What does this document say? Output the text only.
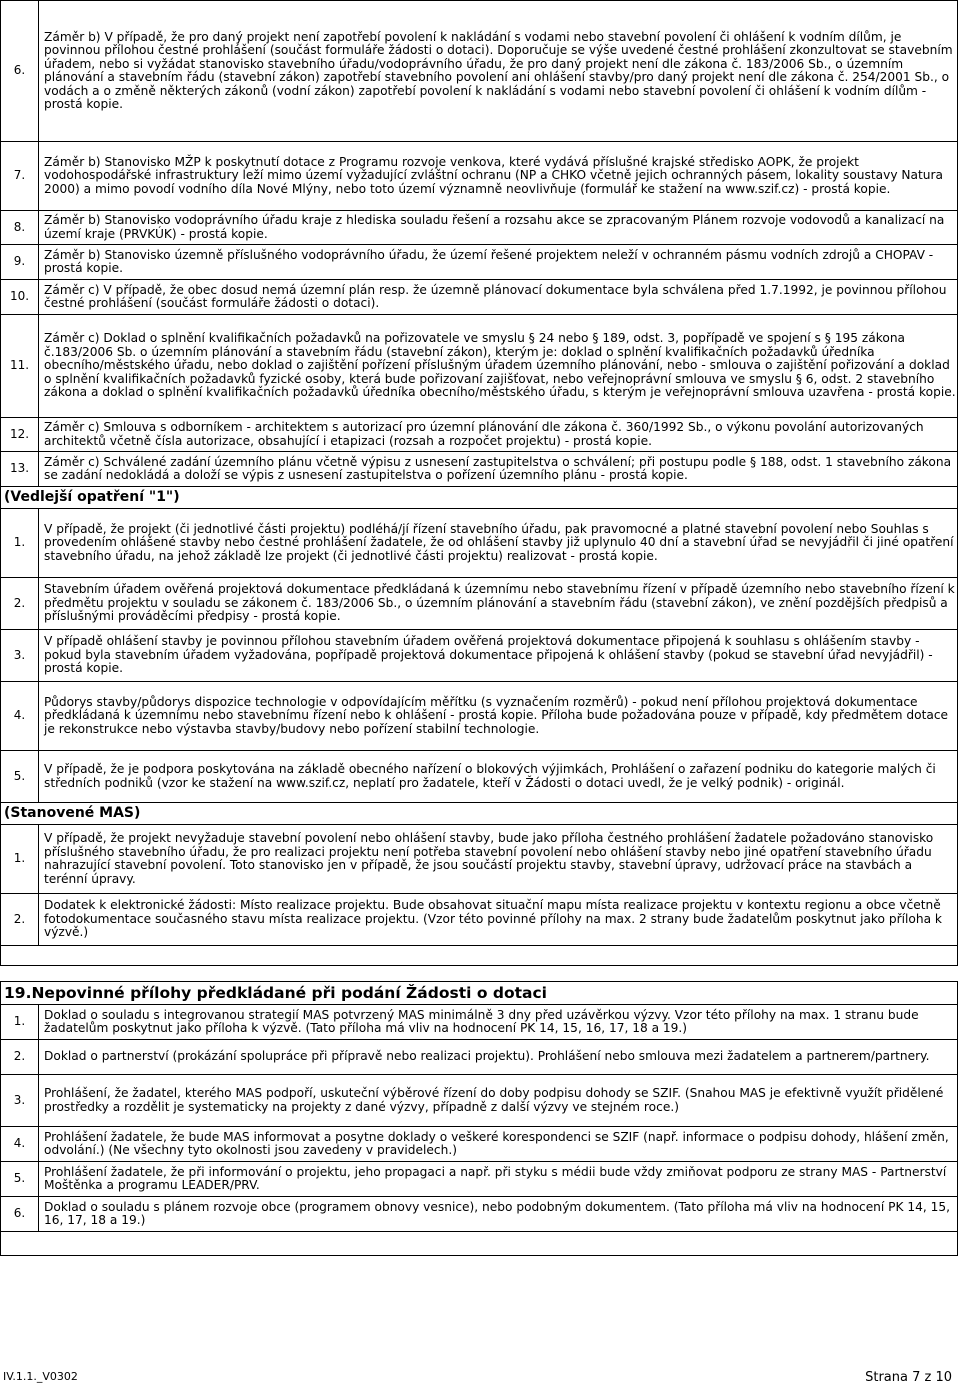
6.	Záměr b) V případě, že pro daný projekt není zapotřebí povolení k nakládání s vodami nebo stavební povolení či ohlášení k vodním dílům, je povinnou přílohou čestné prohlášení (součást formuláře žádosti o dotaci). Doporučuje se výše uvedené čestné prohlášení zkonzultovat se stavebním úřadem, nebo si vyžádat stanovisko stavebního úřadu/vodoprávního úřadu, že pro daný projekt není dle zákona č. 183/2006 Sb., o územním plánování a stavebním řádu (stavební zákon) zapotřebí stavebního povolení ani ohlášení stavby/pro daný projekt není dle zákona č. 254/2001 Sb., o vodách a o změně některých zákonů (vodní zákon) zapotřebí povolení k nakládání s vodami nebo stavební povolení či ohlášení k vodním dílům - prostá kopie.
7.	Záměr b) Stanovisko MŽP k poskytnutí dotace z Programu rozvoje venkova, které vydává příslušné krajské středisko AOPK, že projekt vodohospodářské infrastruktury leží mimo území vyžadující zvláštní ochranu (NP a CHKO včetně jejich ochranných pásem, lokality soustavy Natura 2000) a mimo povodí vodního díla Nové Mlýny, nebo toto území významně neovlivňuje (formulář ke stažení na www.szif.cz) - prostá kopie.
8.	Záměr b) Stanovisko vodoprávního úřadu kraje z hlediska souladu řešení a rozsahu akce se zpracovaným Plánem rozvoje vodovodů a kanalizací na území kraje (PRVKÚK) - prostá kopie.
9.	Záměr b) Stanovisko územně příslušného vodoprávního úřadu, že území řešené projektem neleží v ochranném pásmu vodních zdrojů a CHOPAV - prostá kopie.
10.	Záměr c) V případě, že obec dosud nemá územní plán resp. že územně plánovací dokumentace byla schválena před 1.7.1992, je povinnou přílohou čestné prohlášení (součást formuláře žádosti o dotaci).
11.	Záměr c) Doklad o splnění kvalifikačních požadavků na pořizovatele ve smyslu § 24 nebo § 189, odst. 3, popřípadě ve spojení s § 195 zákona č.183/2006 Sb. o územním plánování a stavebním řádu (stavební zákon), kterým je: doklad o splnění kvalifikačních požadavků úředníka obecního/městského úřadu, nebo doklad o zajištění pořízení příslušným úřadem územního plánování, nebo - smlouva o zajištění pořizování a doklad o splnění kvalifikačních požadavků fyzické osoby, která bude pořizovaní zajišťovat, nebo veřejnoprávní smlouva ve smyslu § 6, odst. 2 stavebního zákona a doklad o splnění kvalifikačních požadavků úředníka obecního/městského úřadu, s kterým je veřejnoprávní smlouva uzavřena - prostá kopie.
12.	Záměr c) Smlouva s odborníkem - architektem s autorizací pro územní plánování dle zákona č. 360/1992 Sb., o výkonu povolání autorizovaných architektů včetně čísla autorizace, obsahující i etapizaci (rozsah a rozpočet projektu) - prostá kopie.
13.	Záměr c) Schválené zadání územního plánu včetně výpisu z usnesení zastupitelstva o schválení; při postupu podle § 188, odst. 1 stavebního zákona se zadání nedokládá a doloží se výpis z usnesení zastupitelstva o pořízení územního plánu - prostá kopie.
(Vedlejší opatření "1")	
1.	V případě, že projekt (či jednotlivé části projektu) podléhá/jí řízení stavebního úřadu, pak pravomocné a platné stavební povolení nebo Souhlas s provedením ohlášené stavby nebo čestné prohlášení žadatele, že od ohlášení stavby již uplynulo 40 dní a stavební úřad se nevyjádřil či jiné opatření stavebního úřadu, na jehož základě lze projekt (či jednotlivé části projektu) realizovat - prostá kopie.
2.	Stavebním úřadem ověřená projektová dokumentace předkládaná k územnímu nebo stavebnímu řízení v případě územního nebo stavebního řízení k předmětu projektu v souladu se zákonem č. 183/2006 Sb., o územním plánování a stavebním řádu (stavební zákon), ve znění pozdějších předpisů a příslušnými prováděcími předpisy - prostá kopie.
3.	V případě ohlášení stavby je povinnou přílohou stavebním úřadem ověřená projektová dokumentace připojená k souhlasu s ohlášením stavby - pokud byla stavebním úřadem vyžadována, popřípadě projektová dokumentace připojená k ohlášení stavby (pokud se stavební úřad nevyjádřil) - prostá kopie.
4.	Půdorys stavby/půdorys dispozice technologie v odpovídajícím měřítku (s vyznačením rozměrů) - pokud není přílohou projektová dokumentace předkládaná k územnímu nebo stavebnímu řízení nebo k ohlášení - prostá kopie. Příloha bude požadována pouze v případě, kdy předmětem dotace je rekonstrukce nebo výstavba stavby/budovy nebo pořízení stabilní technologie.
5.	V případě, že je podpora poskytována na základě obecného nařízení o blokových výjimkách, Prohlášení o zařazení podniku do kategorie malých či středních podniků (vzor ke stažení na www.szif.cz, neplatí pro žadatele, kteří v Žádosti o dotaci uvedl, že je velký podnik) - originál.
(Stanovené MAS)	
1.	V případě, že projekt nevyžaduje stavební povolení nebo ohlášení stavby, bude jako příloha čestného prohlášení žadatele požadováno stanovisko příslušného stavebního úřadu, že pro realizaci projektu není potřeba stavební povolení nebo ohlášení stavby nebo jiné opatření stavebního úřadu nahrazující stavební povolení. Toto stanovisko jen v případě, že jsou součástí projektu stavby, stavební úpravy, udržovací práce na stavbách a terénní úpravy.
2.	Dodatek k elektronické žádosti: Místo realizace projektu. Bude obsahovat situační mapu místa realizace projektu v kontextu regionu a obce včetně fotodokumentace současného stavu místa realizace projektu. (Vzor této povinné přílohy na max. 2 strany bude žadatelům poskytnut jako příloha k výzvě.)

19.Nepovinné přílohy předkládané při podání Žádosti o dotaci	
1.	Doklad o souladu s integrovanou strategií MAS potvrzený MAS minimálně 3 dny před uzávěrkou výzvy. Vzor této přílohy na max. 1 stranu bude žadatelům poskytnut jako příloha k výzvě. (Tato příloha má vliv na hodnocení PK 14, 15, 16, 17, 18 a 19.)
2.	Doklad o partnerství (prokázání spolupráce při přípravě nebo realizaci projektu). Prohlášení nebo smlouva mezi žadatelem a partnerem/partnery.
3.	Prohlášení, že žadatel, kterého MAS podpoří, uskuteční výběrové řízení do doby podpisu dohody se SZIF. (Snahou MAS je efektivně využít přidělené prostředky a rozdělit je systematicky na projekty z dané výzvy, případně z další výzvy ve stejném roce.)
4.	Prohlášení žadatele, že bude MAS informovat a posytne doklady o veškeré korespondenci se SZIF (např. informace o podpisu dohody, hlášení změn, odvolání.) (Ne všechny tyto okolnosti jsou zavedeny v pravidelech.)
5.	Prohlášení žadatele, že při informování o projektu, jeho propagaci a např. při styku s médii bude vždy zmiňovat podporu ze strany MAS - Partnerství Moštěnka a programu LEADER/PRV.
6.	Doklad o souladu s plánem rozvoje obce (programem obnovy vesnice), nebo podobným dokumentem. (Tato příloha má vliv na hodnocení PK 14, 15, 16, 17, 18 a 19.)

IV.1.1._V0302	Strana 7 z 10
